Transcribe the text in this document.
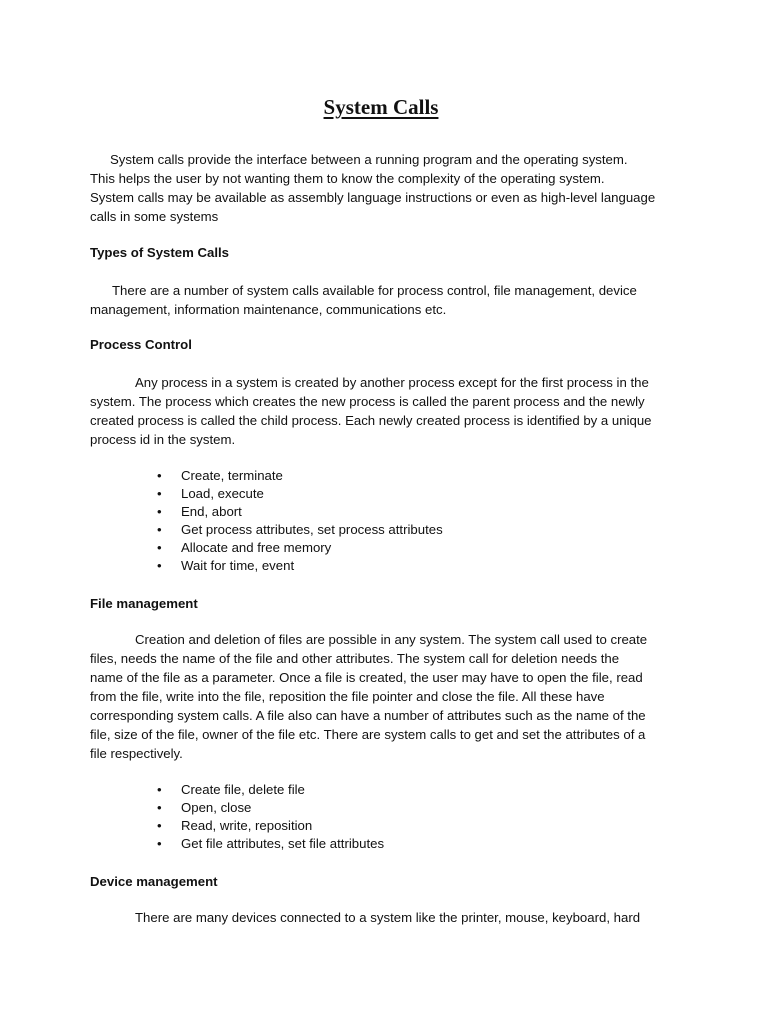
System Calls

System calls provide the interface between a running program and the operating system.
This helps the user by not wanting them to know the complexity of the operating system.
System calls may be available as assembly language instructions or even as high-level language
calls in some systems

Types of System Calls

There are a number of system calls available for process control, file management, device
management, information maintenance, communications etc.

Process Control

Any process in a system is created by another process except for the first process in the
system. The process which creates the new process is called the parent process and the newly
created process is called the child process. Each newly created process is identified by a unique
process id in the system.

• Create, terminate
• Load, execute
• End, abort
• Get process attributes, set process attributes
• Allocate and free memory
• Wait for time, event
File management

Creation and deletion of files are possible in any system. The system call used to create
files, needs the name of the file and other attributes. The system call for deletion needs the
name of the file as a parameter. Once a file is created, the user may have to open the file, read
from the file, write into the file, reposition the file pointer and close the file. All these have
corresponding system calls. A file also can have a number of attributes such as the name of the
file, size of the file, owner of the file etc. There are system calls to get and set the attributes of a
file respectively.

• Create file, delete file
• Open, close
• Read, write, reposition
• Get file attributes, set file attributes
Device management

There are many devices connected to a system like the printer, mouse, keyboard, hard
